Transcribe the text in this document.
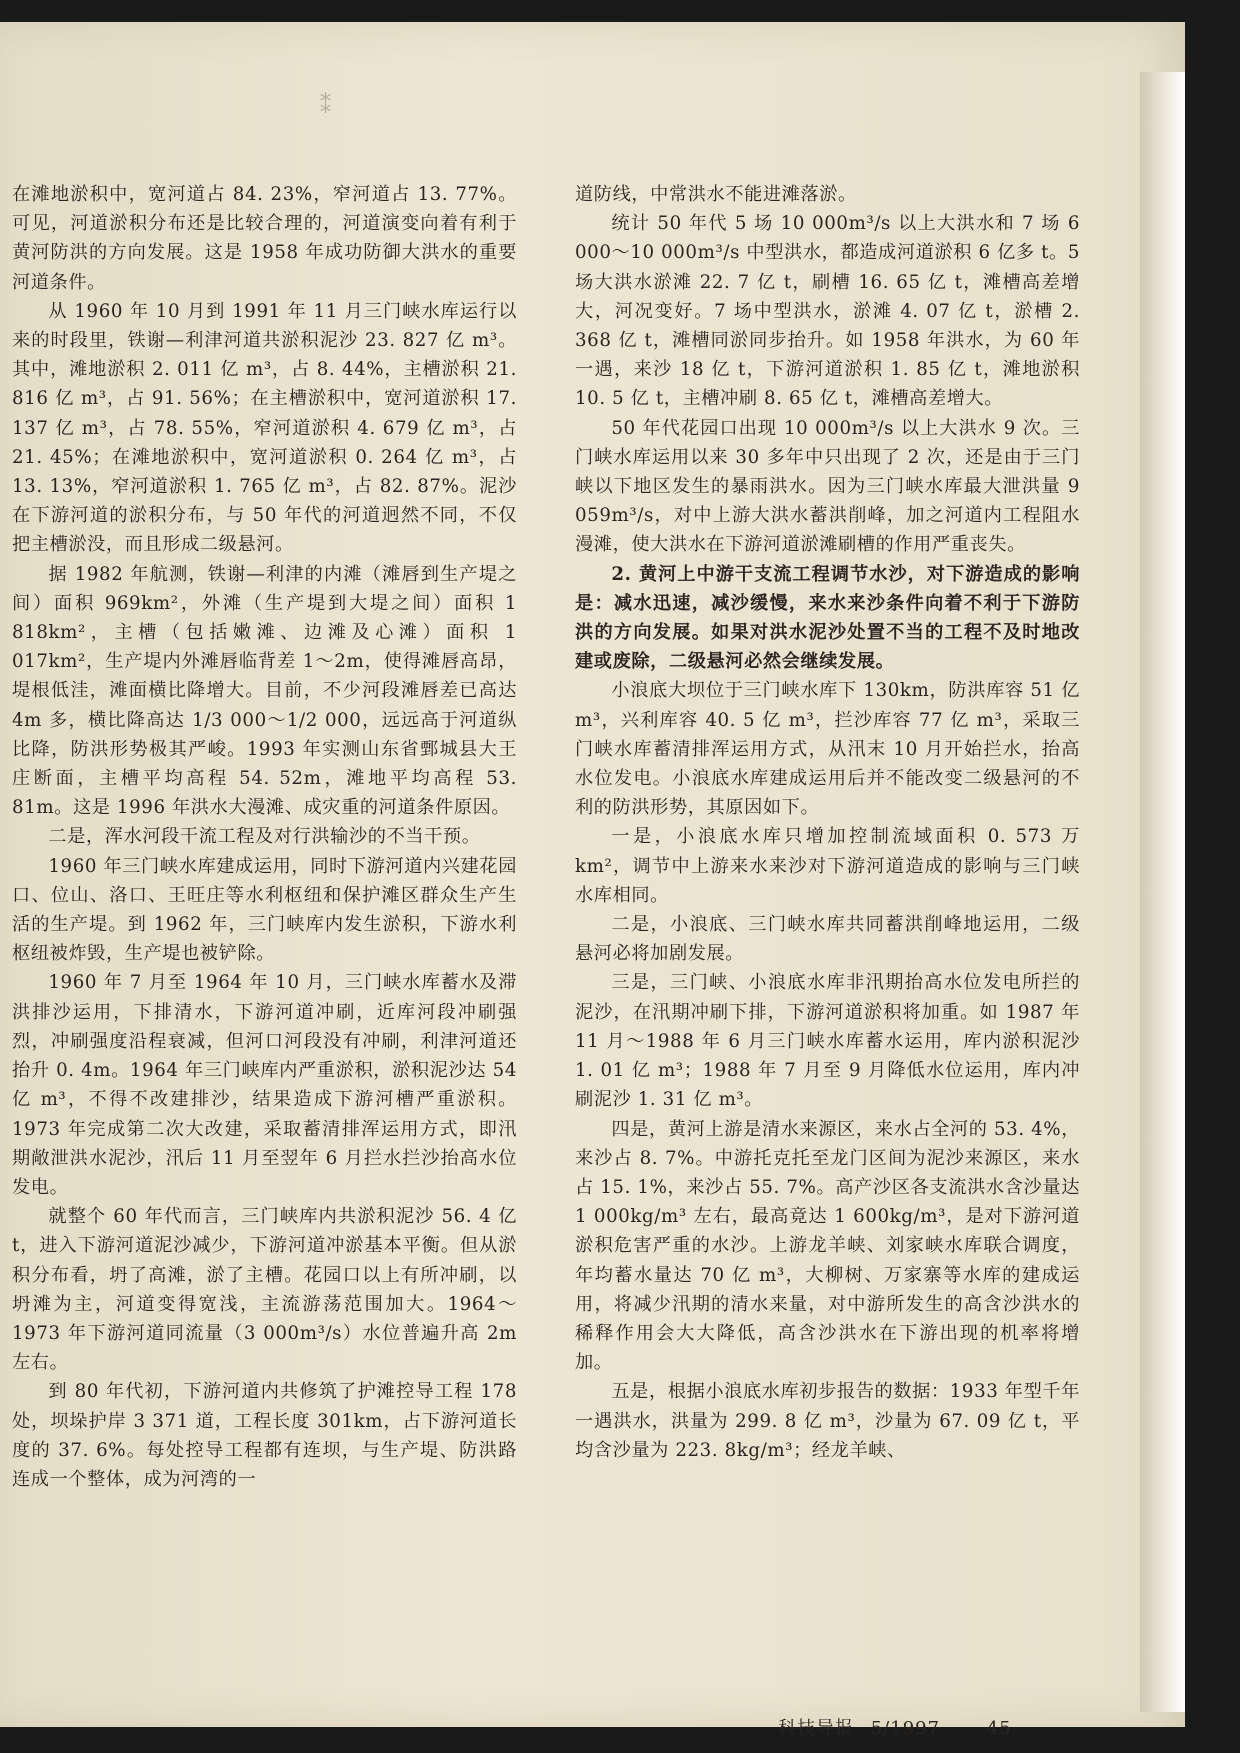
⁑

在滩地淤积中，宽河道占 84. 23%，窄河道占 13. 77%。可见，河道淤积分布还是比较合理的，河道演变向着有利于黄河防洪的方向发展。这是 1958 年成功防御大洪水的重要河道条件。

从 1960 年 10 月到 1991 年 11 月三门峡水库运行以来的时段里，铁谢—利津河道共淤积泥沙 23. 827 亿 m³。其中，滩地淤积 2. 011 亿 m³，占 8. 44%，主槽淤积 21. 816 亿 m³，占 91. 56%；在主槽淤积中，宽河道淤积 17. 137 亿 m³，占 78. 55%，窄河道淤积 4. 679 亿 m³，占 21. 45%；在滩地淤积中，宽河道淤积 0. 264 亿 m³，占 13. 13%，窄河道淤积 1. 765 亿 m³，占 82. 87%。泥沙在下游河道的淤积分布，与 50 年代的河道迥然不同，不仅把主槽淤没，而且形成二级悬河。

据 1982 年航测，铁谢—利津的内滩（滩唇到生产堤之间）面积 969km²，外滩（生产堤到大堤之间）面积 1 818km²，主槽（包括嫩滩、边滩及心滩）面积 1 017km²，生产堤内外滩唇临背差 1～2m，使得滩唇高昂，堤根低洼，滩面横比降增大。目前，不少河段滩唇差已高达 4m 多，横比降高达 1/3 000～1/2 000，远远高于河道纵比降，防洪形势极其严峻。1993 年实测山东省鄄城县大王庄断面，主槽平均高程 54. 52m，滩地平均高程 53. 81m。这是 1996 年洪水大漫滩、成灾重的河道条件原因。

二是，浑水河段干流工程及对行洪输沙的不当干预。

1960 年三门峡水库建成运用，同时下游河道内兴建花园口、位山、洛口、王旺庄等水利枢纽和保护滩区群众生产生活的生产堤。到 1962 年，三门峡库内发生淤积，下游水利枢纽被炸毁，生产堤也被铲除。

1960 年 7 月至 1964 年 10 月，三门峡水库蓄水及滞洪排沙运用，下排清水，下游河道冲刷，近库河段冲刷强烈，冲刷强度沿程衰减，但河口河段没有冲刷，利津河道还抬升 0. 4m。1964 年三门峡库内严重淤积，淤积泥沙达 54 亿 m³，不得不改建排沙，结果造成下游河槽严重淤积。1973 年完成第二次大改建，采取蓄清排浑运用方式，即汛期敞泄洪水泥沙，汛后 11 月至翌年 6 月拦水拦沙抬高水位发电。

就整个 60 年代而言，三门峡库内共淤积泥沙 56. 4 亿 t，进入下游河道泥沙减少，下游河道冲淤基本平衡。但从淤积分布看，坍了高滩，淤了主槽。花园口以上有所冲刷，以坍滩为主，河道变得宽浅，主流游荡范围加大。1964～1973 年下游河道同流量（3 000m³/s）水位普遍升高 2m 左右。

到 80 年代初，下游河道内共修筑了护滩控导工程 178 处，坝垛护岸 3 371 道，工程长度 301km，占下游河道长度的 37. 6%。每处控导工程都有连坝，与生产堤、防洪路连成一个整体，成为河湾的一

道防线，中常洪水不能进滩落淤。

统计 50 年代 5 场 10 000m³/s 以上大洪水和 7 场 6 000～10 000m³/s 中型洪水，都造成河道淤积 6 亿多 t。5 场大洪水淤滩 22. 7 亿 t，刷槽 16. 65 亿 t，滩槽高差增大，河况变好。7 场中型洪水，淤滩 4. 07 亿 t，淤槽 2. 368 亿 t，滩槽同淤同步抬升。如 1958 年洪水，为 60 年一遇，来沙 18 亿 t，下游河道淤积 1. 85 亿 t，滩地淤积 10. 5 亿 t，主槽冲刷 8. 65 亿 t，滩槽高差增大。

50 年代花园口出现 10 000m³/s 以上大洪水 9 次。三门峡水库运用以来 30 多年中只出现了 2 次，还是由于三门峡以下地区发生的暴雨洪水。因为三门峡水库最大泄洪量 9 059m³/s，对中上游大洪水蓄洪削峰，加之河道内工程阻水漫滩，使大洪水在下游河道淤滩刷槽的作用严重丧失。

2. 黄河上中游干支流工程调节水沙，对下游造成的影响是：减水迅速，减沙缓慢，来水来沙条件向着不利于下游防洪的方向发展。如果对洪水泥沙处置不当的工程不及时地改建或废除，二级悬河必然会继续发展。

小浪底大坝位于三门峡水库下 130km，防洪库容 51 亿 m³，兴利库容 40. 5 亿 m³，拦沙库容 77 亿 m³，采取三门峡水库蓄清排浑运用方式，从汛末 10 月开始拦水，抬高水位发电。小浪底水库建成运用后并不能改变二级悬河的不利的防洪形势，其原因如下。

一是，小浪底水库只增加控制流域面积 0. 573 万 km²，调节中上游来水来沙对下游河道造成的影响与三门峡水库相同。

二是，小浪底、三门峡水库共同蓄洪削峰地运用，二级悬河必将加剧发展。

三是，三门峡、小浪底水库非汛期抬高水位发电所拦的泥沙，在汛期冲刷下排，下游河道淤积将加重。如 1987 年 11 月～1988 年 6 月三门峡水库蓄水运用，库内淤积泥沙 1. 01 亿 m³；1988 年 7 月至 9 月降低水位运用，库内冲刷泥沙 1. 31 亿 m³。

四是，黄河上游是清水来源区，来水占全河的 53. 4%，来沙占 8. 7%。中游托克托至龙门区间为泥沙来源区，来水占 15. 1%，来沙占 55. 7%。高产沙区各支流洪水含沙量达 1 000kg/m³ 左右，最高竟达 1 600kg/m³，是对下游河道淤积危害严重的水沙。上游龙羊峡、刘家峡水库联合调度，年均蓄水量达 70 亿 m³，大柳树、万家寨等水库的建成运用，将减少汛期的清水来量，对中游所发生的高含沙洪水的稀释作用会大大降低，高含沙洪水在下游出现的机率将增加。

五是，根据小浪底水库初步报告的数据：1933 年型千年一遇洪水，洪量为 299. 8 亿 m³，沙量为 67. 09 亿 t，平均含沙量为 223. 8kg/m³；经龙羊峡、

科技导报 5/1997	45
